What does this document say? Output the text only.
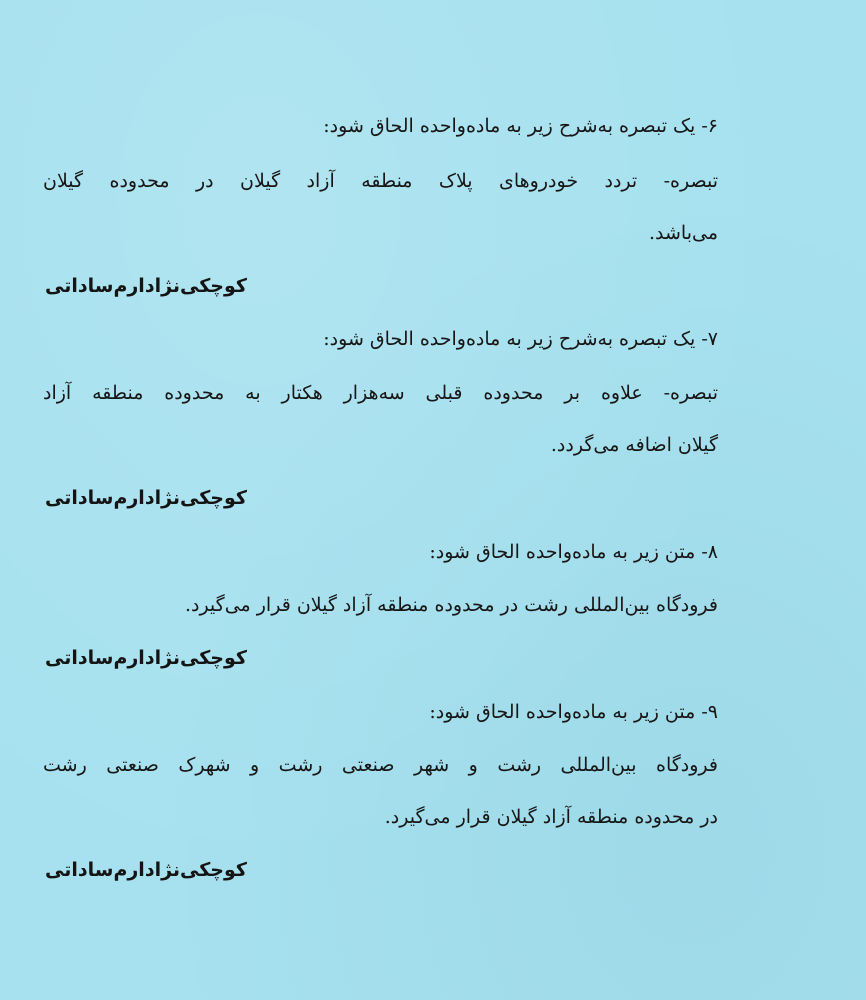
۶- یک تبصره به‌شرح زیر به ماده‌واحده الحاق شود:
تبصره- تردد خودروهای پلاک منطقه آزاد گیلان در محدوده گیلان
می‌باشد.
کوچکی‌نژادارم‌ساداتی
۷- یک تبصره به‌شرح زیر به ماده‌واحده الحاق شود:
تبصره- علاوه بر محدوده قبلی سه‌هزار هکتار به محدوده منطقه آزاد
گیلان اضافه می‌گردد.
کوچکی‌نژادارم‌ساداتی
۸- متن زیر به ماده‌واحده الحاق شود:
فرودگاه بین‌المللی رشت در محدوده منطقه آزاد گیلان قرار می‌گیرد.
کوچکی‌نژادارم‌ساداتی
۹- متن زیر به ماده‌واحده الحاق شود:
فرودگاه بین‌المللی رشت و شهر صنعتی رشت و شهرک صنعتی رشت
در محدوده منطقه آزاد گیلان قرار می‌گیرد.
کوچکی‌نژادارم‌ساداتی
